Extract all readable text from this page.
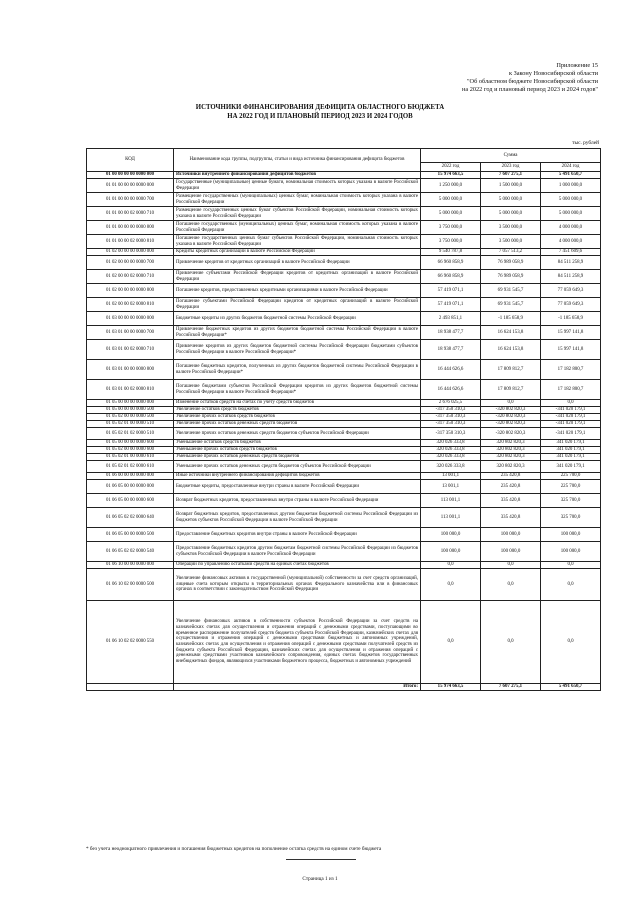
Приложение 15
к Закону Новосибирской области
"Об областном бюджете Новосибирской области
на 2022 год и плановый период 2023 и 2024 годов"
ИСТОЧНИКИ ФИНАНСИРОВАНИЯ ДЕФИЦИТА ОБЛАСТНОГО БЮДЖЕТА
НА 2022 ГОД И ПЛАНОВЫЙ ПЕРИОД 2023 И 2024 ГОДОВ
тыс. рублей
КОД	Наименование кода группы, подгруппы, статьи и вида источника финансирования дефицита бюджетов	Сумма		
		2022 год	2023 год	2024 год
01 00 00 00 00 0000 000	Источники внутреннего финансирования дефицитов бюджетов	15 974 663,5	7 607 275,1	5 491 650,7
01 01 00 00 00 0000 000	Государственные (муниципальные) ценные бумаги, номинальная стоимость которых указана в валюте Российской Федерации	1 250 000,0	1 500 000,0	1 000 000,0
01 01 00 00 00 0000 700	Размещение государственных (муниципальных) ценных бумаг, номинальная стоимость которых указана в валюте Российской Федерации	5 000 000,0	5 000 000,0	5 000 000,0
01 01 00 00 02 0000 710	Размещение государственных ценных бумаг субъектов Российской Федерации, номинальная стоимость которых указана в валюте Российской Федерации	5 000 000,0	5 000 000,0	5 000 000,0
01 01 00 00 00 0000 800	Погашение государственных (муниципальных) ценных бумаг, номинальная стоимость которых указана в валюте Российской Федерации	3 750 000,0	3 500 000,0	4 000 000,0
01 01 00 00 02 0000 810	Погашение государственных ценных бумаг субъектов Российской Федерации, номинальная стоимость которых указана в валюте Российской Федерации	3 750 000,0	3 500 000,0	4 000 000,0
01 02 00 00 00 0000 000	Кредиты кредитных организаций в валюте Российской Федерации	9 540 787,8	7 057 513,2	7 451 609,6
01 02 00 00 00 0000 700	Привлечение кредитов от кредитных организаций в валюте Российской Федерации	66 960 858,9	76 989 058,9	84 511 258,9
01 02 00 00 02 0000 710	Привлечение субъектами Российской Федерации кредитов от кредитных организаций в валюте Российской Федерации	66 960 858,9	76 989 058,9	84 511 258,9
01 02 00 00 00 0000 800	Погашение кредитов, предоставленных кредитными организациями в валюте Российской Федерации	57 419 071,1	69 931 545,7	77 059 649,3
01 02 00 00 02 0000 810	Погашение субъектами Российской Федерации кредитов от кредитных организаций в валюте Российской Федерации	57 419 071,1	69 931 545,7	77 059 649,3
01 03 00 00 00 0000 000	Бюджетные кредиты из других бюджетов бюджетной системы Российской Федерации	2 493 851,1	-1 185 658,9	-1 185 658,9
01 03 01 00 00 0000 700	Привлечение бюджетных кредитов из других бюджетов бюджетной системы Российской Федерации в валюте Российской Федерации*	18 938 477,7	16 624 153,8	15 997 141,8
01 03 01 00 02 0000 710	Привлечение кредитов из других бюджетов бюджетной системы Российской Федерации бюджетами субъектов Российской Федерации в валюте Российской Федерации*	18 938 477,7	16 624 153,8	15 997 141,8
01 03 01 00 00 0000 800	Погашение бюджетных кредитов, полученных из других бюджетов бюджетной системы Российской Федерации в валюте Российской Федерации*	16 444 626,6	17 809 812,7	17 182 800,7
01 03 01 00 02 0000 810	Погашение бюджетами субъектов Российской Федерации кредитов из других бюджетов бюджетной системы Российской Федерации в валюте Российской Федерации*	16 444 626,6	17 809 812,7	17 182 800,7
01 05 00 00 00 0000 000	Изменение остатков средств на счетах по учету средств бюджетов	2 676 025,5	0,0	0,0
01 05 00 00 00 0000 500	Увеличение остатков средств бюджетов	-317 350 310,3	-320 802 820,3	-341 020 179,1
01 05 02 00 00 0000 500	Увеличение прочих остатков средств бюджетов	-317 350 310,3	-320 802 820,3	-341 020 179,1
01 05 02 01 00 0000 510	Увеличение прочих остатков денежных средств бюджетов	-317 350 310,3	-320 802 820,3	-341 020 179,1
01 05 02 01 02 0000 510	Увеличение прочих остатков денежных средств бюджетов субъектов Российской Федерации	-317 350 310,3	-320 802 820,3	-341 020 179,1
01 05 00 00 00 0000 600	Уменьшение остатков средств бюджетов	320 026 333,8	320 802 820,3	341 020 179,1
01 05 02 00 00 0000 600	Уменьшение прочих остатков средств бюджетов	320 026 333,8	320 802 820,3	341 020 179,1
01 05 02 01 00 0000 610	Уменьшение прочих остатков денежных средств бюджетов	320 026 333,8	320 802 820,3	341 020 179,1
01 05 02 01 02 0000 610	Уменьшение прочих остатков денежных средств бюджетов субъектов Российской Федерации	320 026 333,8	320 802 820,3	341 020 179,1
01 06 00 00 00 0000 000	Иные источники внутреннего финансирования дефицитов бюджетов	13 001,1	235 420,8	225 700,0
01 06 05 00 00 0000 000	Бюджетные кредиты, предоставленные внутри страны в валюте Российской Федерации	13 001,1	235 420,8	225 700,0
01 06 05 00 00 0000 600	Возврат бюджетных кредитов, предоставленных внутри страны в валюте Российской Федерации	113 001,1	335 420,8	325 700,0
01 06 05 02 02 0000 640	Возврат бюджетных кредитов, предоставленных другим бюджетам бюджетной системы Российской Федерации из бюджетов субъектов Российской Федерации в валюте Российской Федерации	113 001,1	335 420,8	325 700,0
01 06 05 00 00 0000 500	Предоставление бюджетных кредитов внутри страны в валюте Российской Федерации	100 000,0	100 000,0	100 000,0
01 06 05 02 02 0000 540	Предоставление бюджетных кредитов другим бюджетам бюджетной системы Российской Федерации из бюджетов субъектов Российской Федерации в валюте Российской Федерации	100 000,0	100 000,0	100 000,0
01 06 10 00 00 0000 000	Операции по управлению остатками средств на единых счетах бюджетов	0,0	0,0	0,0
01 06 10 02 00 0000 500	Увеличение финансовых активов в государственной (муниципальной) собственности за счет средств организаций, лицевые счета которым открыты в территориальных органах Федерального казначейства или в финансовых органах в соответствии с законодательством Российской Федерации	0,0	0,0	0,0
01 06 10 02 02 0000 550	Увеличение финансовых активов в собственности субъектов Российской Федерации за счет средств на казначейских счетах для осуществления и отражения операций с денежными средствами, поступающими во временное распоряжение получателей средств бюджета субъекта Российской Федерации, казначейских счетах для осуществления и отражения операций с денежными средствами бюджетных и автономных учреждений, казначейских счетах для осуществления и отражения операций с денежными средствами получателей средств из бюджета субъекта Российской Федерации, казначейских счетах для осуществления и отражения операций с денежными средствами участников казначейского сопровождения, единых счетах бюджетов государственных внебюджетных фондов, являющихся участниками бюджетного процесса, бюджетных и автономных учреждений	0,0	0,0	0,0
	Итого:	15 974 663,5	7 607 275,1	5 491 650,7
* без учета неоднократного привлечения и погашения бюджетных кредитов на пополнение остатка средств на едином счете бюджета
Страница 1 из 1
